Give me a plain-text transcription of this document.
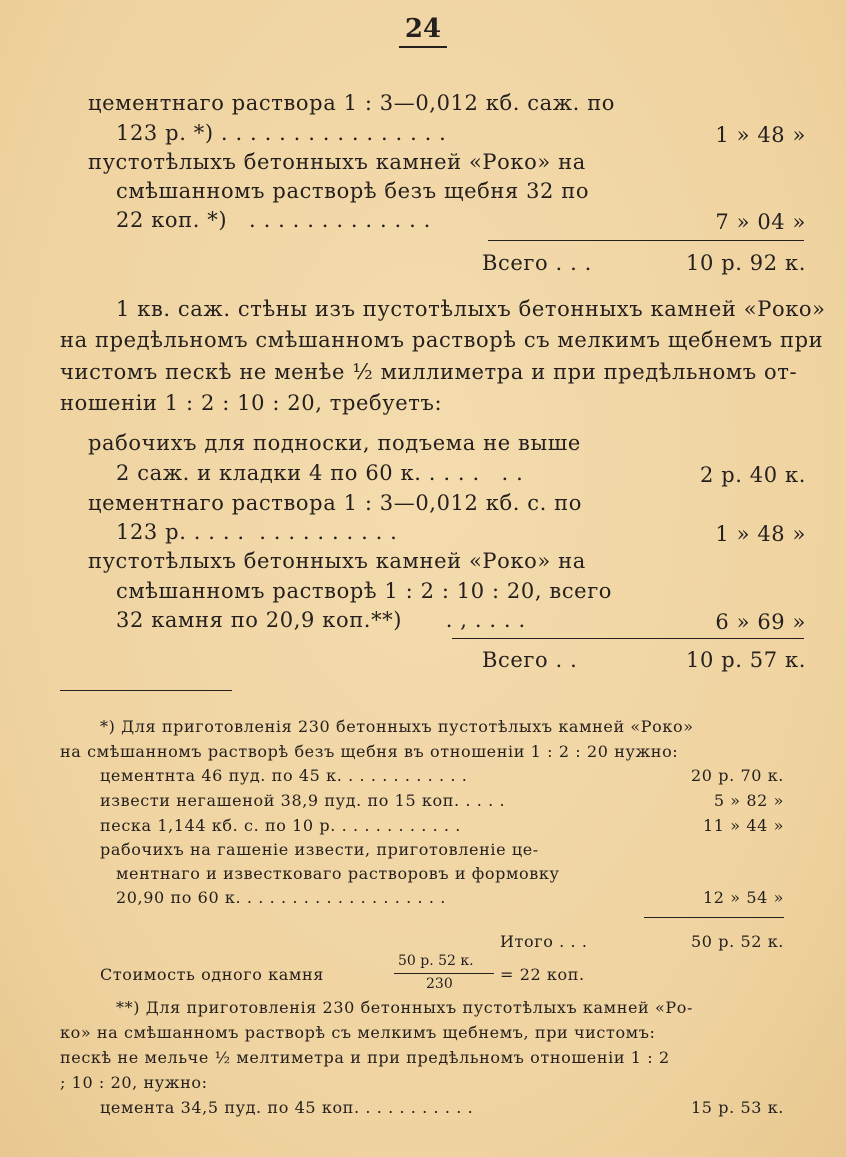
24
цементнаго раствора 1 : 3—0,012 кб. саж. по
123 р. *) . . . . . . . . . . . . . . . .	1 » 48 »
пустотѣлыхъ бетонныхъ камней «Роко» на
смѣшанномъ растворѣ безъ щебня 32 по
22 коп. *)   . . . . . . . . . . . . .	7 » 04 »
Всего . . .	10 р. 92 к.
1 кв. саж. стѣны изъ пустотѣлыхъ бетонныхъ камней «Роко»
на предѣльномъ смѣшанномъ растворѣ съ мелкимъ щебнемъ при
чистомъ пескѣ не менѣе ½ миллиметра и при предѣльномъ от-
ношеніи 1 : 2 : 10 : 20, требуетъ:
рабочихъ для подноски, подъема не выше
2 саж. и кладки 4 по 60 к. . . . .   . .	2 р. 40 к.
цементнаго раствора 1 : 3—0,012 кб. с. по
123 р. . . . .  . . . . . . . . . .	1 » 48 »
пустотѣлыхъ бетонныхъ камней «Роко» на
смѣшанномъ растворѣ 1 : 2 : 10 : 20, всего
32 камня по 20,9 коп.**)      . , . . . .	6 » 69 »
Всего . .	10 р. 57 к.
*) Для приготовленія 230 бетонныхъ пустотѣлыхъ камней «Роко»
на смѣшанномъ растворѣ безъ щебня въ отношеніи 1 : 2 : 20 нужно:
цементнта 46 пуд. по 45 к. . . . . . . . . . . .	20 р. 70 к.
извести негашеной 38,9 пуд. по 15 коп. . . . .	5 » 82 »
песка 1,144 кб. с. по 10 р. . . . . . . . . . . .	11 » 44 »
рабочихъ на гашеніе извести, приготовленіе це-
ментнаго и известковаго растворовъ и формовку
20,90 по 60 к. . . . . . . . . . . . . . . . . . .	12 » 54 »
Итого . . .	50 р. 52 к.
Стоимость одного камня
50 р. 52 к.
230	= 22 коп.
**) Для приготовленія 230 бетонныхъ пустотѣлыхъ камней «Ро-
ко» на смѣшанномъ растворѣ съ мелкимъ щебнемъ, при чистомъ:
пескѣ не мельче ½ мелтиметра и при предѣльномъ отношеніи 1 : 2
; 10 : 20, нужно:
цемента 34,5 пуд. по 45 коп. . . . . . . . . . .	15 р. 53 к.
